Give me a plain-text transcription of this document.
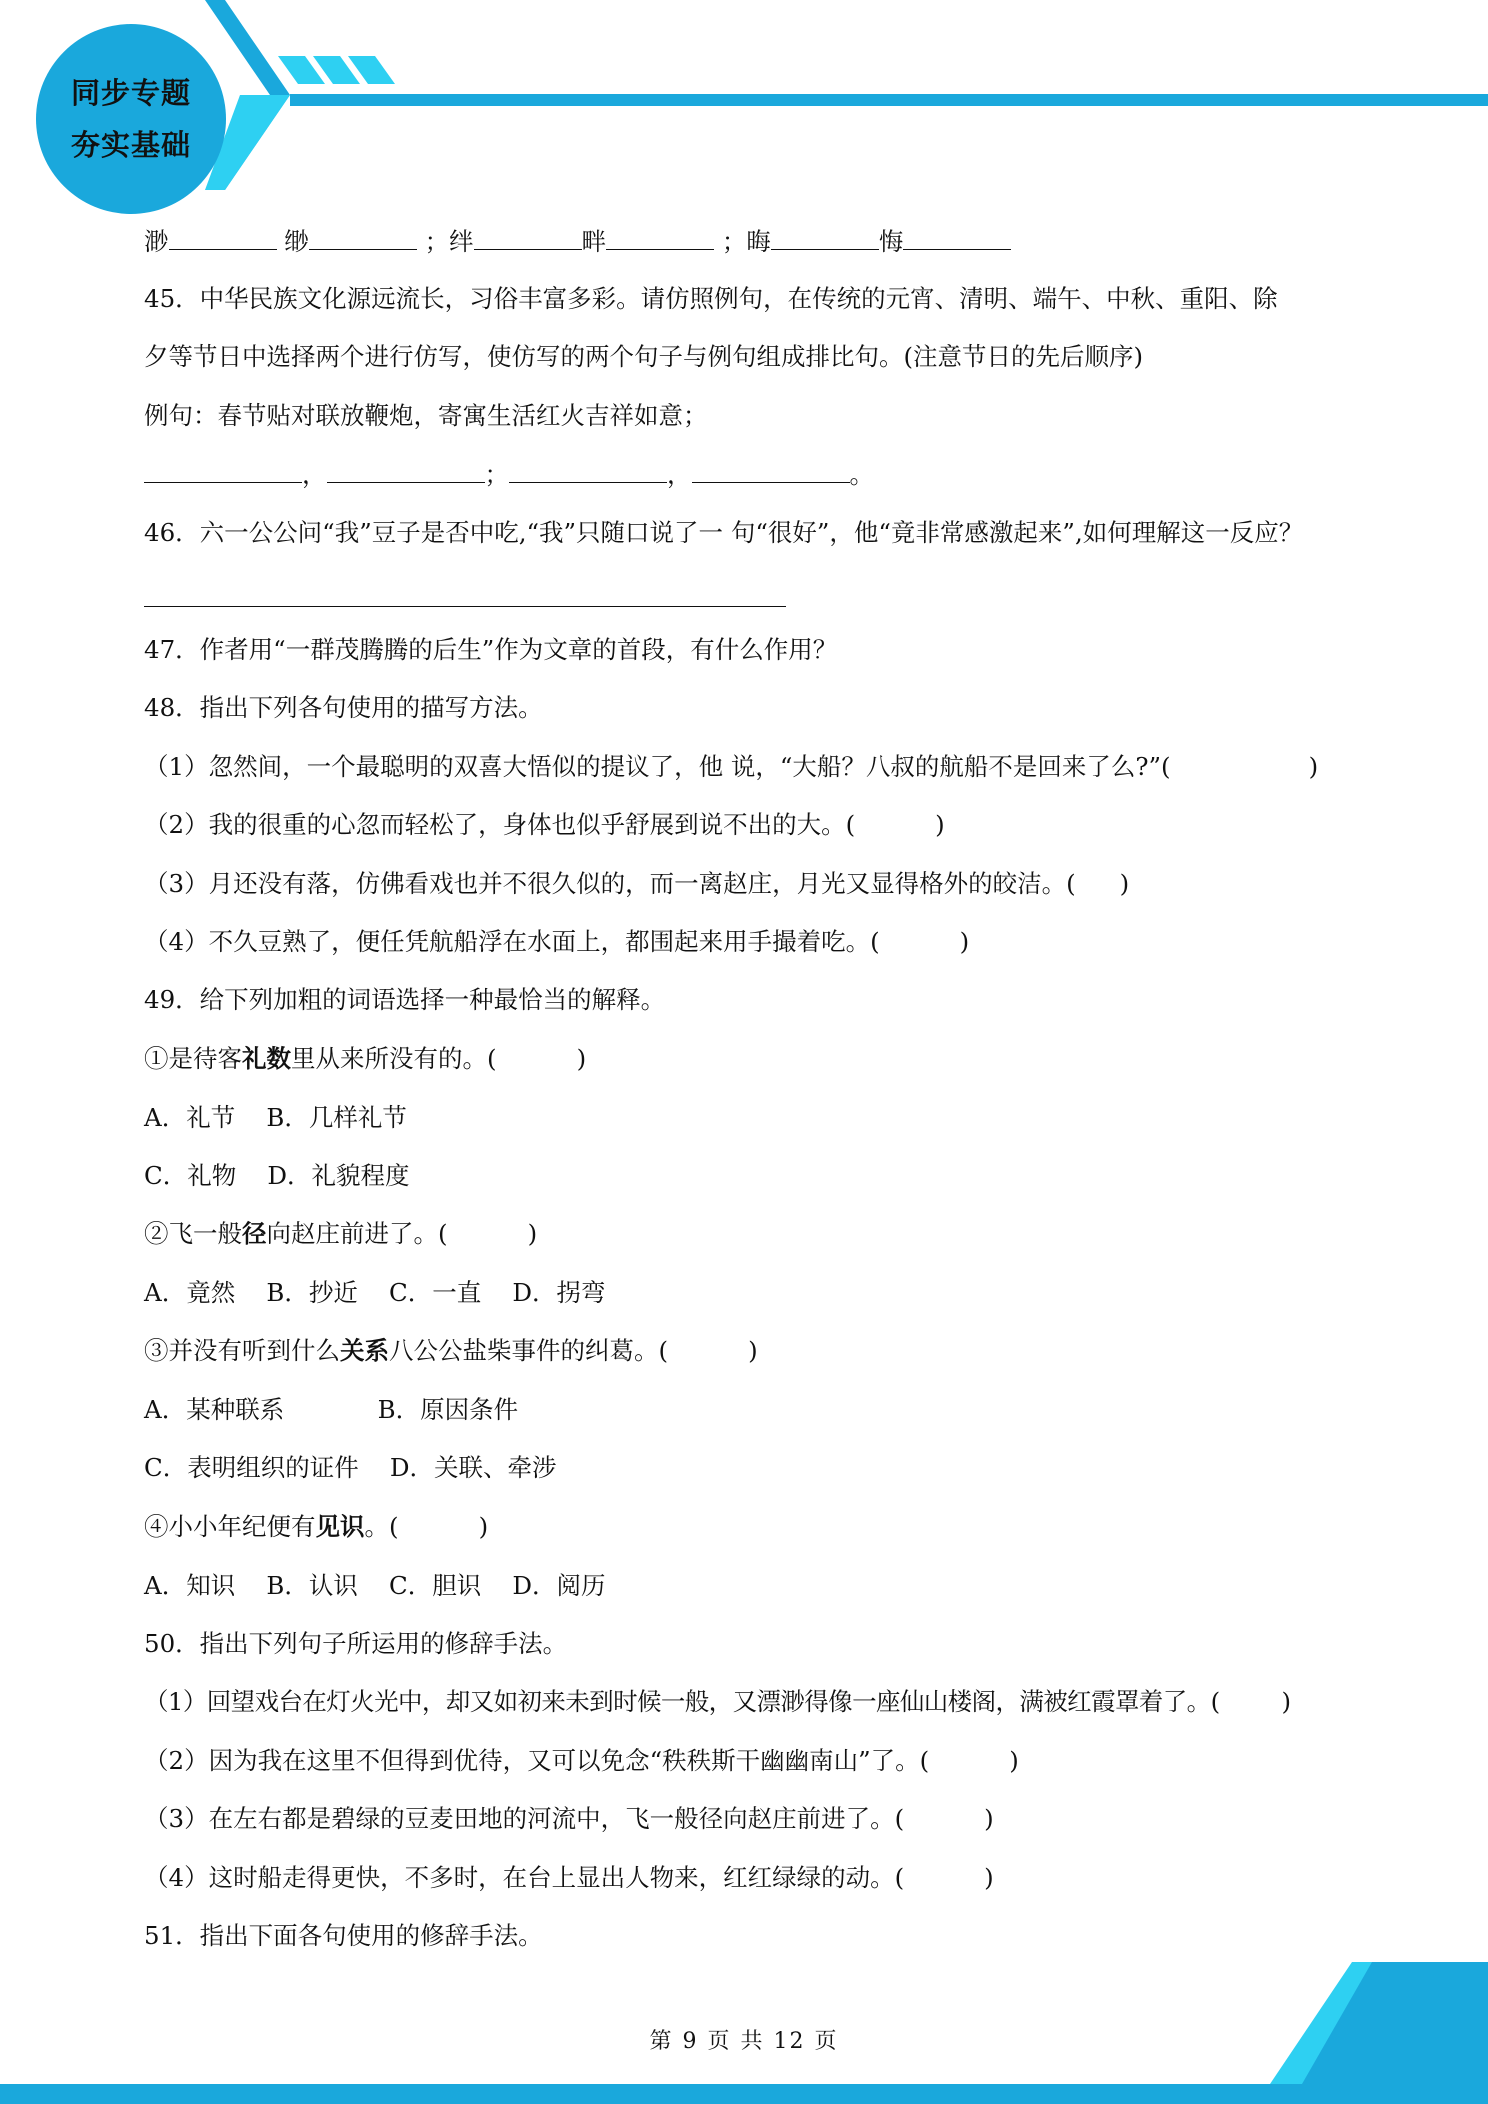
同步专题
夯实基础
渺	缈	；绊	畔	；晦	悔
45．中华民族文化源远流长，习俗丰富多彩。请仿照例句，在传统的元宵、清明、端午、中秋、重阳、除
夕等节日中选择两个进行仿写，使仿写的两个句子与例句组成排比句。(注意节日的先后顺序)
例句：春节贴对联放鞭炮，寄寓生活红火吉祥如意；
，	；	，	。
46．六一公公问“我”豆子是否中吃,“我”只随口说了一 句“很好”，他“竟非常感激起来”,如何理解这一反应？
47．作者用“一群茂腾腾的后生”作为文章的首段，有什么作用？
48．指出下列各句使用的描写方法。
（1）忽然间，一个最聪明的双喜大悟似的提议了，他 说，“大船？八叔的航船不是回来了么?”(	)
（2）我的很重的心忽而轻松了，身体也似乎舒展到说不出的大。(	)
（3）月还没有落，仿佛看戏也并不很久似的，而一离赵庄，月光又显得格外的皎洁。( )
（4）不久豆熟了，便任凭航船浮在水面上，都围起来用手撮着吃。(	)
49．给下列加粗的词语选择一种最恰当的解释。
①是待客礼数里从来所没有的。(	)
A．礼节    B．几样礼节
C．礼物    D．礼貌程度
②飞一般径向赵庄前进了。(	)
A．竟然    B．抄近    C．一直    D．拐弯
③并没有听到什么关系八公公盐柴事件的纠葛。(	)
A．某种联系            B．原因条件
C．表明组织的证件    D．关联、牵涉
④小小年纪便有见识。(	)
A．知识    B．认识    C．胆识    D．阅历
50．指出下列句子所运用的修辞手法。
（1）回望戏台在灯火光中，却又如初来未到时候一般，又漂渺得像一座仙山楼阁，满被红霞罩着了。(	)
（2）因为我在这里不但得到优待，又可以免念“秩秩斯干幽幽南山”了。(	)
（3）在左右都是碧绿的豆麦田地的河流中，飞一般径向赵庄前进了。(	)
（4）这时船走得更快，不多时，在台上显出人物来，红红绿绿的动。(	)
51．指出下面各句使用的修辞手法。
第 9 页 共 12 页
